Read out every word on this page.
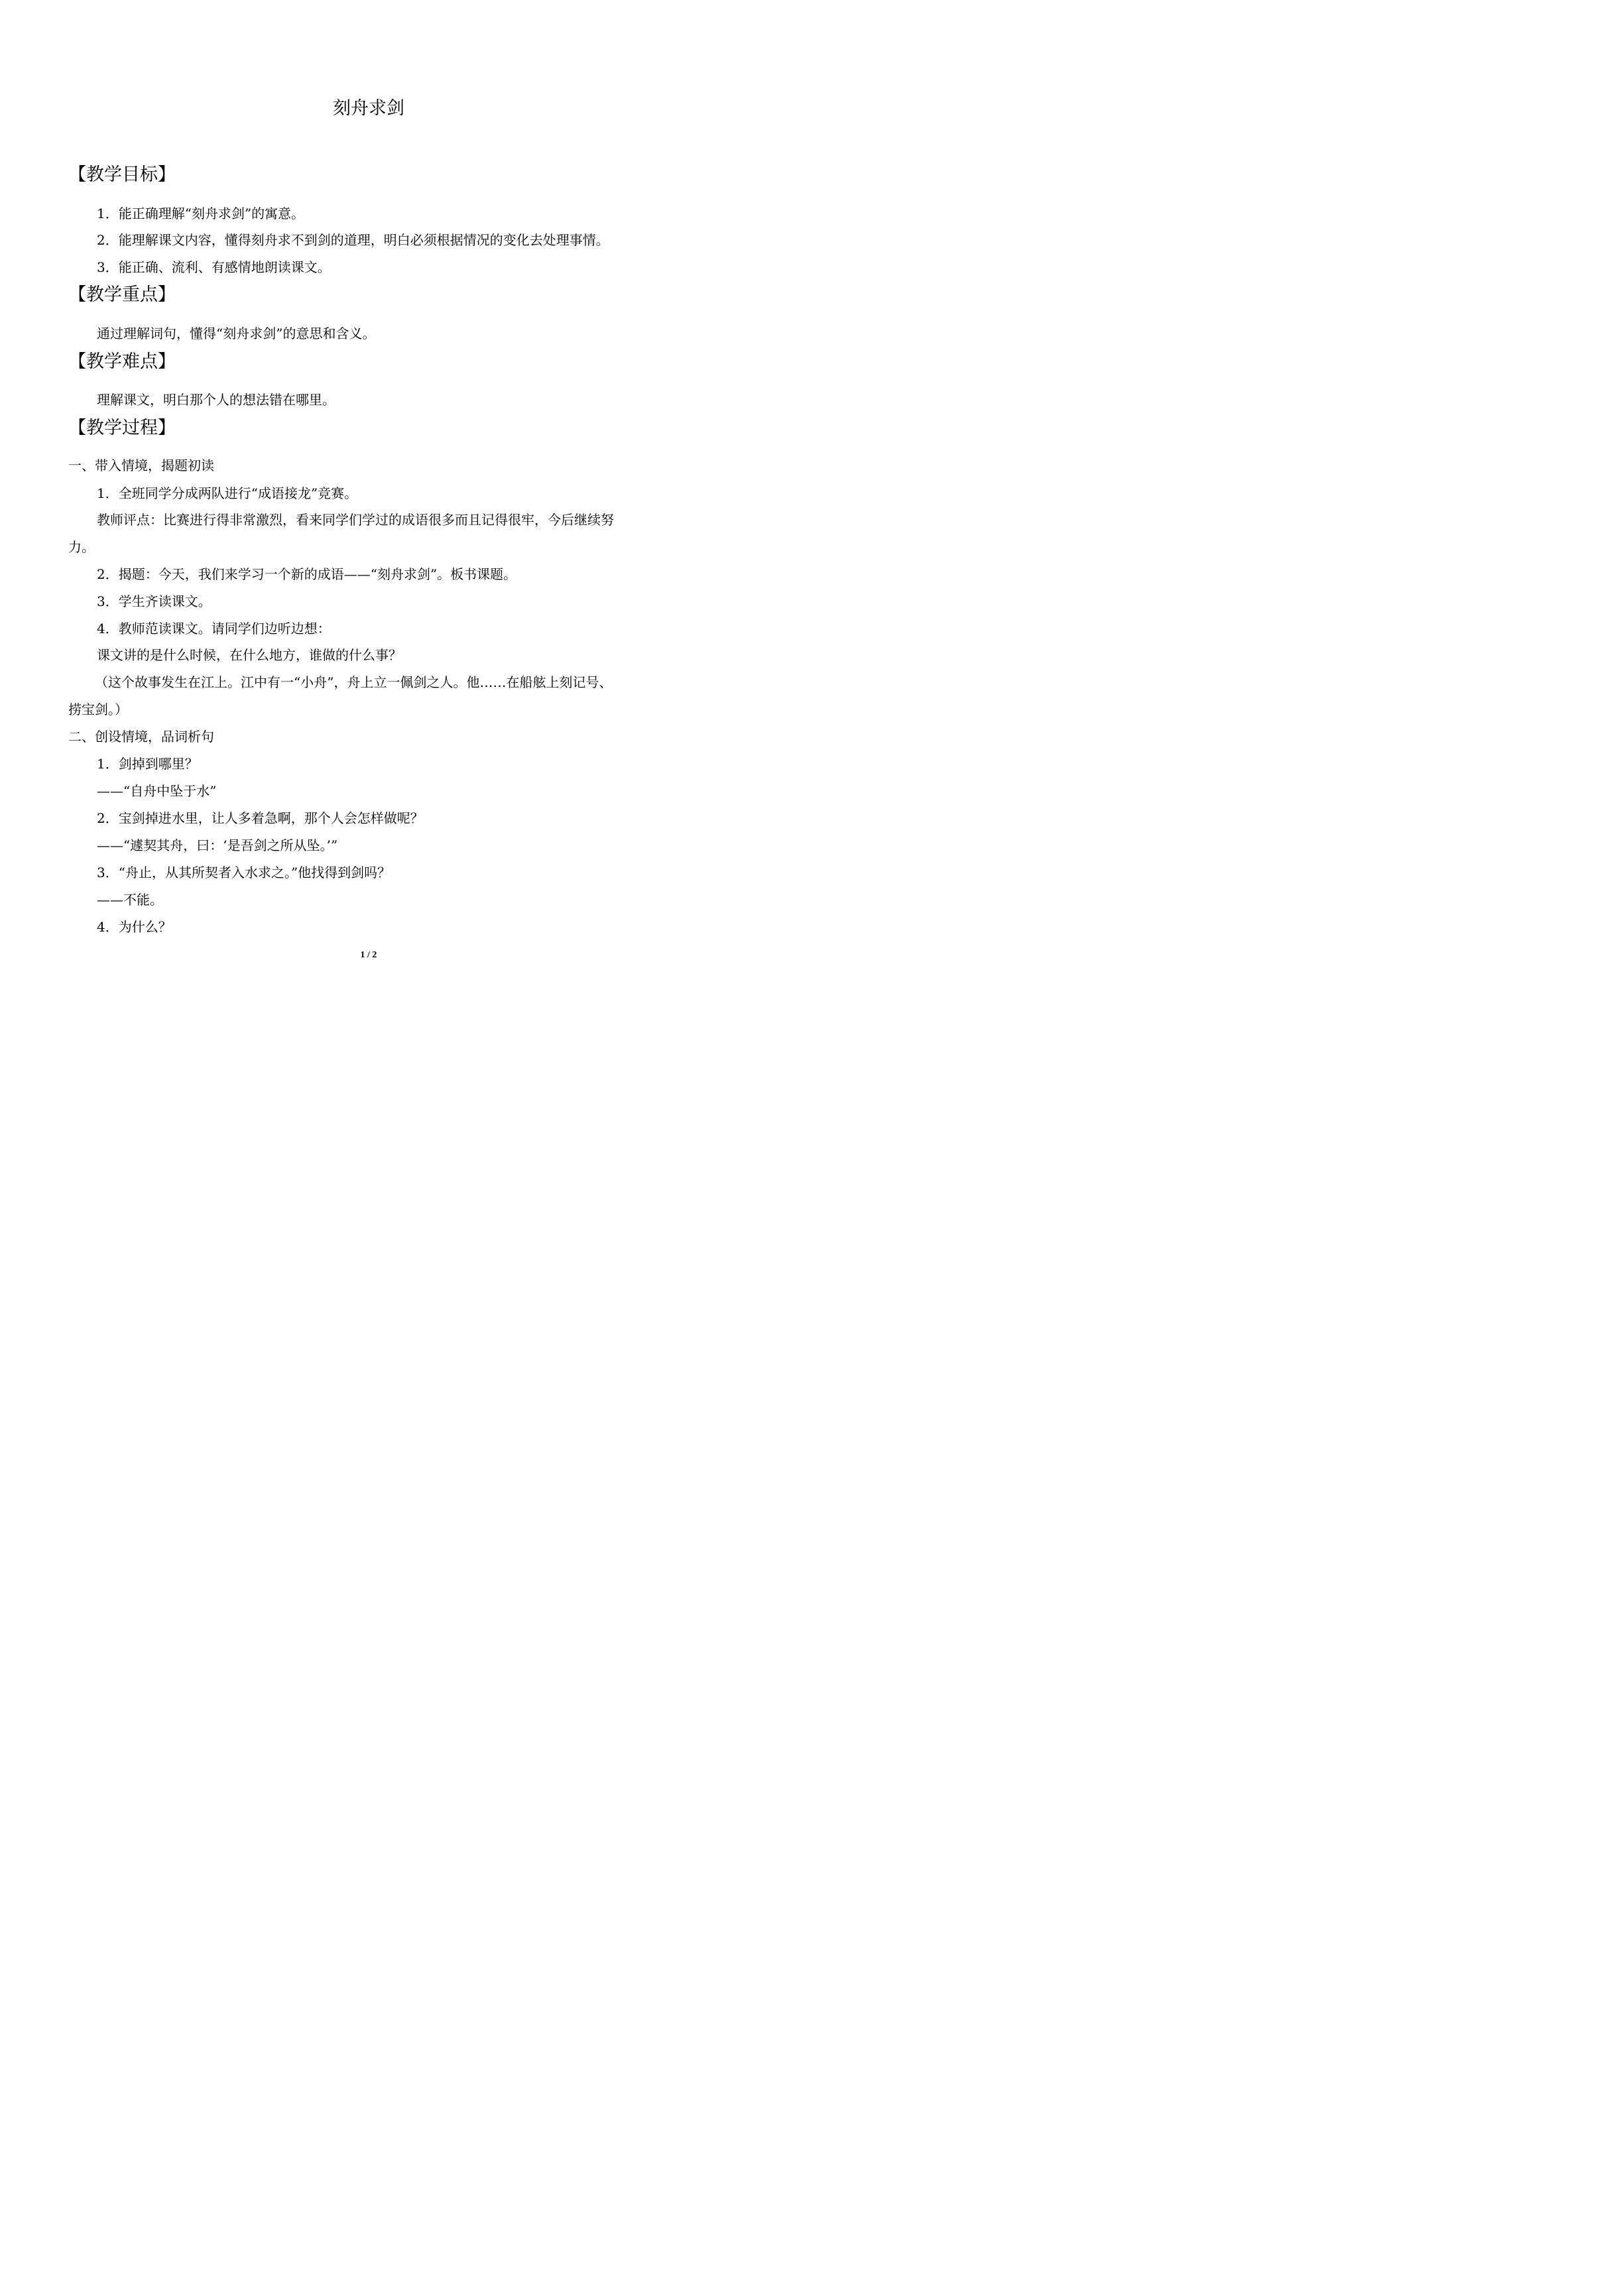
刻舟求剑
【教学目标】
1．能正确理解“刻舟求剑”的寓意。
2．能理解课文内容，懂得刻舟求不到剑的道理，明白必须根据情况的变化去处理事情。
3．能正确、流利、有感情地朗读课文。
【教学重点】
通过理解词句，懂得“刻舟求剑”的意思和含义。
【教学难点】
理解课文，明白那个人的想法错在哪里。
【教学过程】
一、带入情境，揭题初读
1．全班同学分成两队进行“成语接龙”竞赛。
教师评点：比赛进行得非常激烈，看来同学们学过的成语很多而且记得很牢，今后继续努
力。
2．揭题：今天，我们来学习一个新的成语——“刻舟求剑”。板书课题。
3．学生齐读课文。
4．教师范读课文。请同学们边听边想：
课文讲的是什么时候，在什么地方，谁做的什么事？
（这个故事发生在江上。江中有一“小舟”，舟上立一佩剑之人。他……在船舷上刻记号、
捞宝剑。）
二、创设情境，品词析句
1．剑掉到哪里？
——“自舟中坠于水”
2．宝剑掉进水里，让人多着急啊，那个人会怎样做呢？
——“遽契其舟，曰：‘是吾剑之所从坠。’”
3．“舟止，从其所契者入水求之。”他找得到剑吗？
——不能。
4．为什么？
1 / 2
